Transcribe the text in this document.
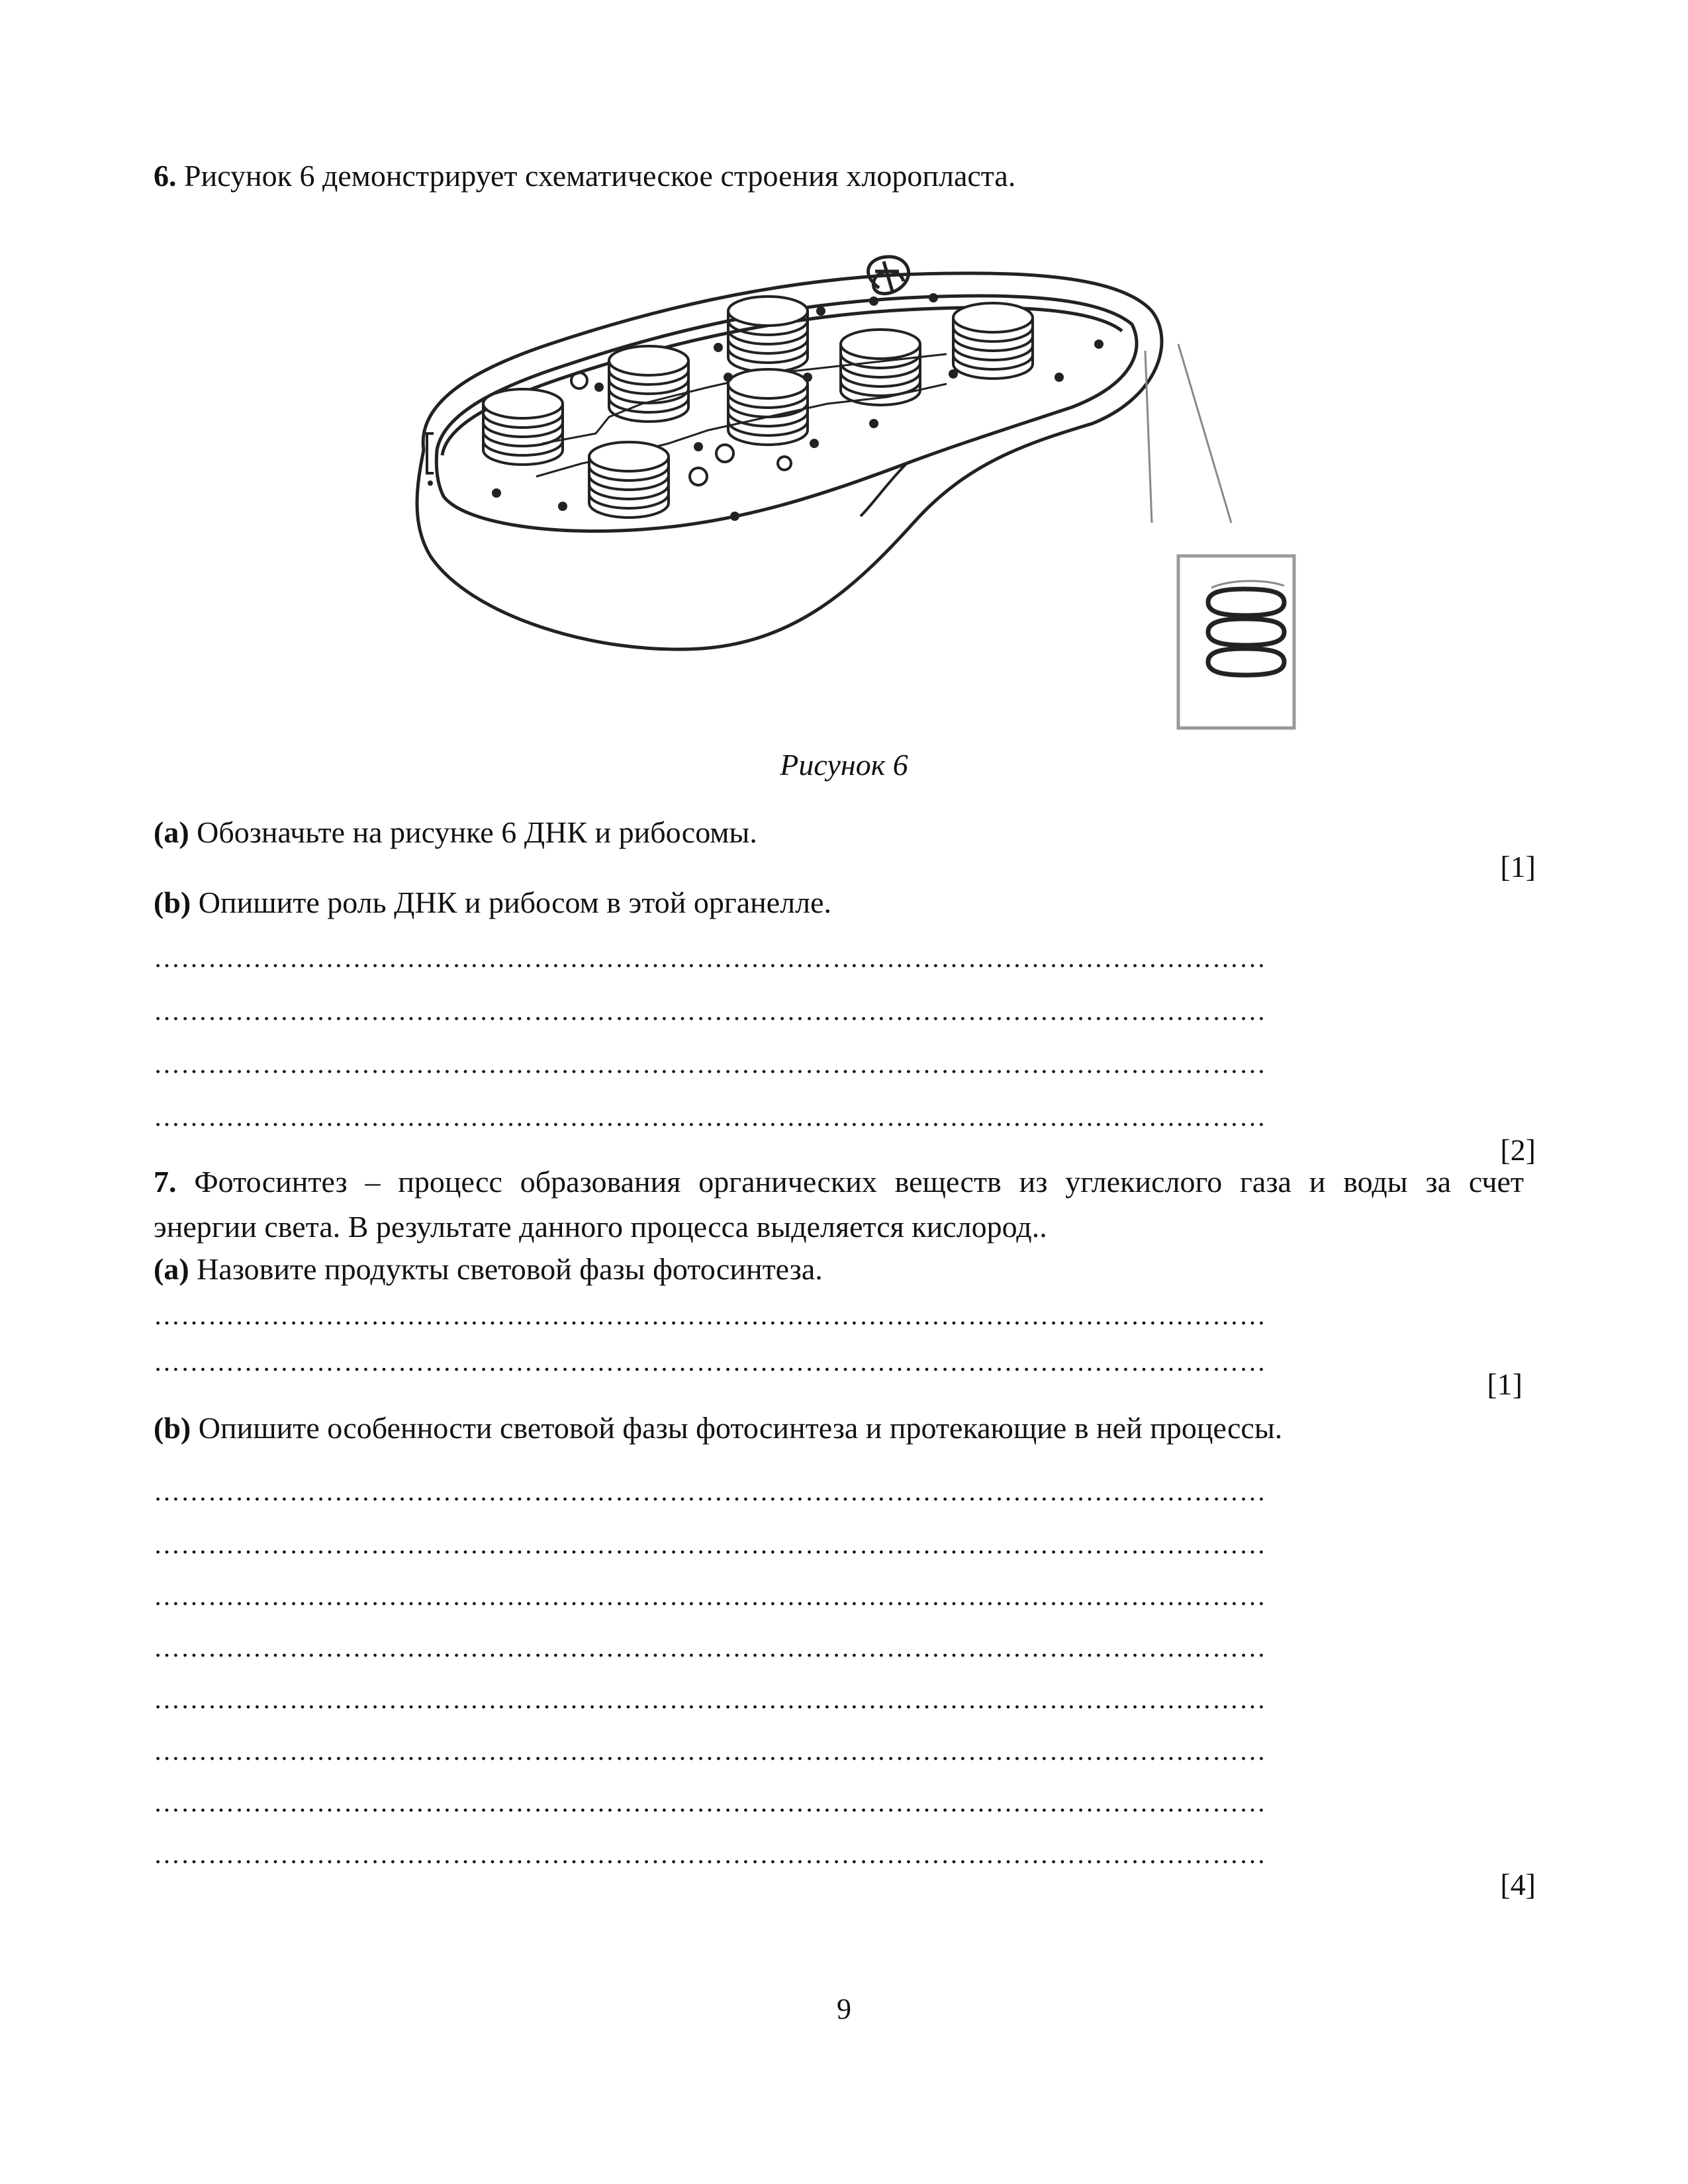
6. Рисунок 6 демонстрирует схематическое строения хлоропласта.
Рисунок 6
(a) Обозначьте на рисунке 6 ДНК и рибосомы.
[1]
(b) Опишите роль ДНК и рибосом в этой органелле.
……………………………………………………………………………………………………………
……………………………………………………………………………………………………………
……………………………………………………………………………………………………………
……………………………………………………………………………………………………………
[2]
7. Фотосинтез – процесс образования органических веществ из углекислого газа и воды за счет
энергии света. В результате данного процесса выделяется кислород..
(a) Назовите продукты световой фазы фотосинтеза.
……………………………………………………………………………………………………………
……………………………………………………………………………………………………………
[1]
(b) Опишите особенности световой фазы фотосинтеза и протекающие в ней процессы.
……………………………………………………………………………………………………………
……………………………………………………………………………………………………………
……………………………………………………………………………………………………………
……………………………………………………………………………………………………………
……………………………………………………………………………………………………………
……………………………………………………………………………………………………………
……………………………………………………………………………………………………………
……………………………………………………………………………………………………………
[4]
9
